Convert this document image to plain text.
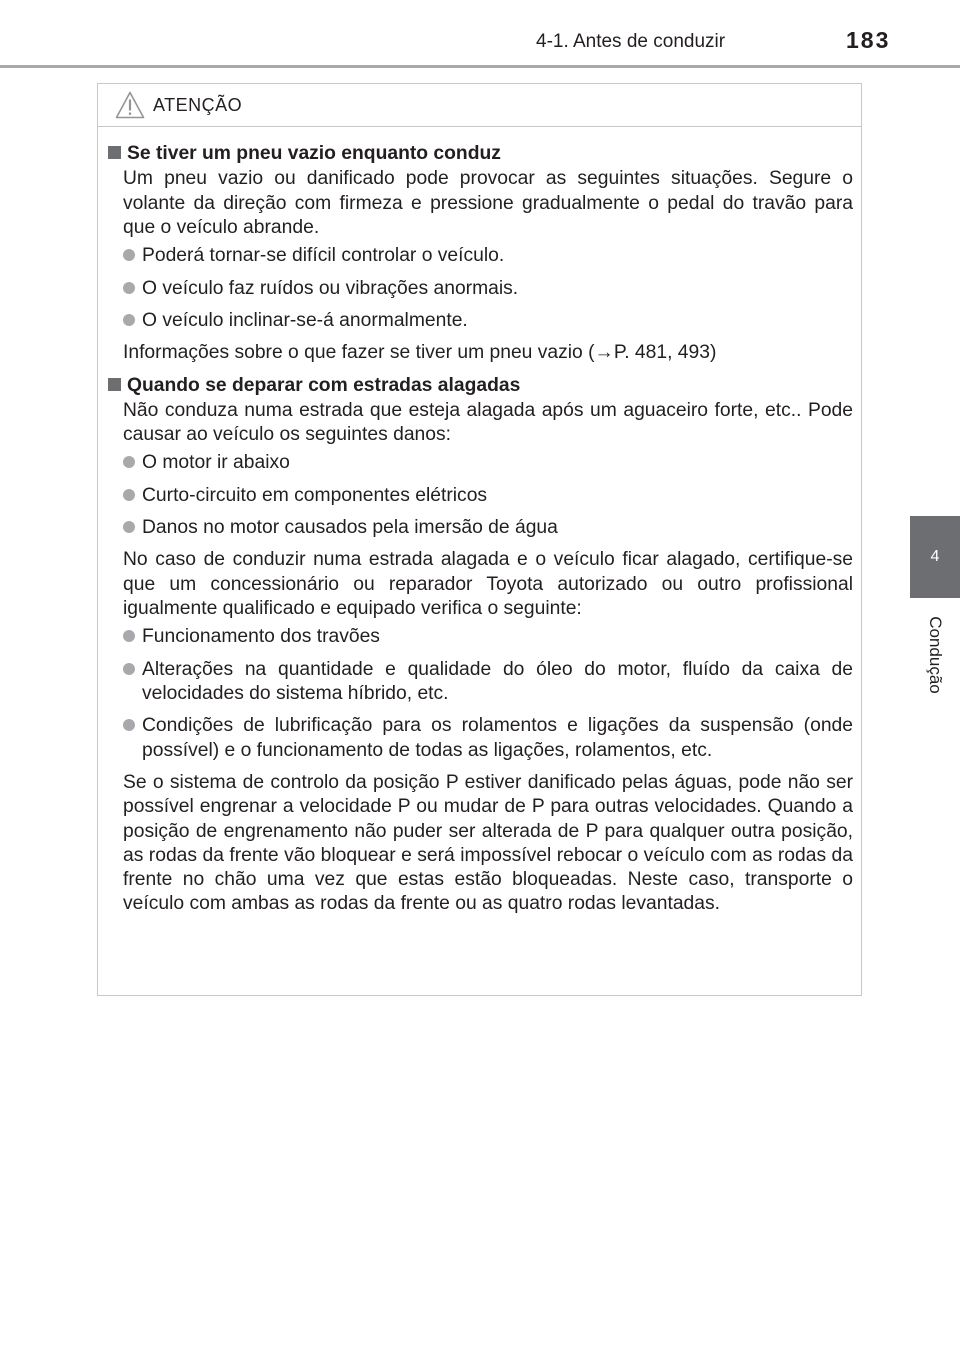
4-1. Antes de conduzir	183
4
Condução
ATENÇÃO
Se tiver um pneu vazio enquanto conduz
Um pneu vazio ou danificado pode provocar as seguintes situações. Segure o volante da direção com firmeza e pressione gradualmente o pedal do travão para que o veículo abrande.
Poderá tornar-se difícil controlar o veículo.
O veículo faz ruídos ou vibrações anormais.
O veículo inclinar-se-á anormalmente.
Informações sobre o que fazer se tiver um pneu vazio (→P. 481, 493)
Quando se deparar com estradas alagadas
Não conduza numa estrada que esteja alagada após um aguaceiro forte, etc.. Pode causar ao veículo os seguintes danos:
O motor ir abaixo
Curto-circuito em componentes elétricos
Danos no motor causados pela imersão de água
No caso de conduzir numa estrada alagada e o veículo ficar alagado, certifique-se que um concessionário ou reparador Toyota autorizado ou outro profissional igualmente qualificado e equipado verifica o seguinte:
Funcionamento dos travões
Alterações na quantidade e qualidade do óleo do motor, fluído da caixa de velocidades do sistema híbrido, etc.
Condições de lubrificação para os rolamentos e ligações da suspensão (onde possível) e o funcionamento de todas as ligações, rolamentos, etc.
Se o sistema de controlo da posição P estiver danificado pelas águas, pode não ser possível engrenar a velocidade P ou mudar de P para outras velocidades. Quando a posição de engrenamento não puder ser alterada de P para qualquer outra posição, as rodas da frente vão bloquear e será impossível rebocar o veículo com as rodas da frente no chão uma vez que estas estão bloqueadas. Neste caso, transporte o veículo com ambas as rodas da frente ou as quatro rodas levantadas.
